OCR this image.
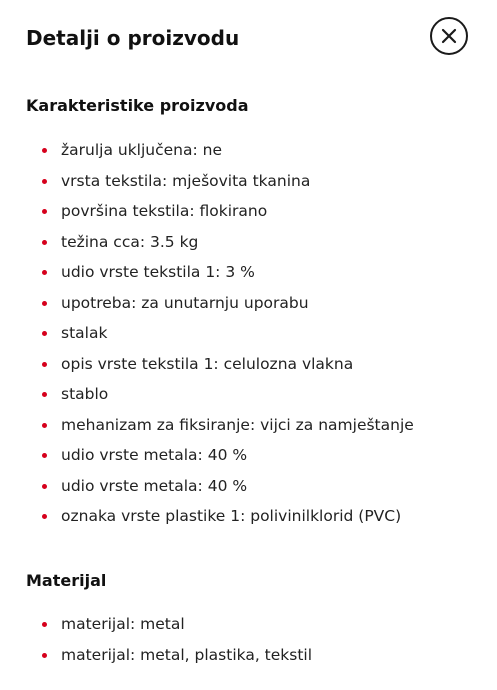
Detalji o proizvodu
Karakteristike proizvoda
žarulja uključena: ne
vrsta tekstila: mješovita tkanina
površina tekstila: flokirano
težina cca: 3.5 kg
udio vrste tekstila 1: 3 %
upotreba: za unutarnju uporabu
stalak
opis vrste tekstila 1: celulozna vlakna
stablo
mehanizam za fiksiranje: vijci za namještanje
udio vrste metala: 40 %
udio vrste metala: 40 %
oznaka vrste plastike 1: polivinilklorid (PVC)
Materijal
materijal: metal
materijal: metal, plastika, tekstil
